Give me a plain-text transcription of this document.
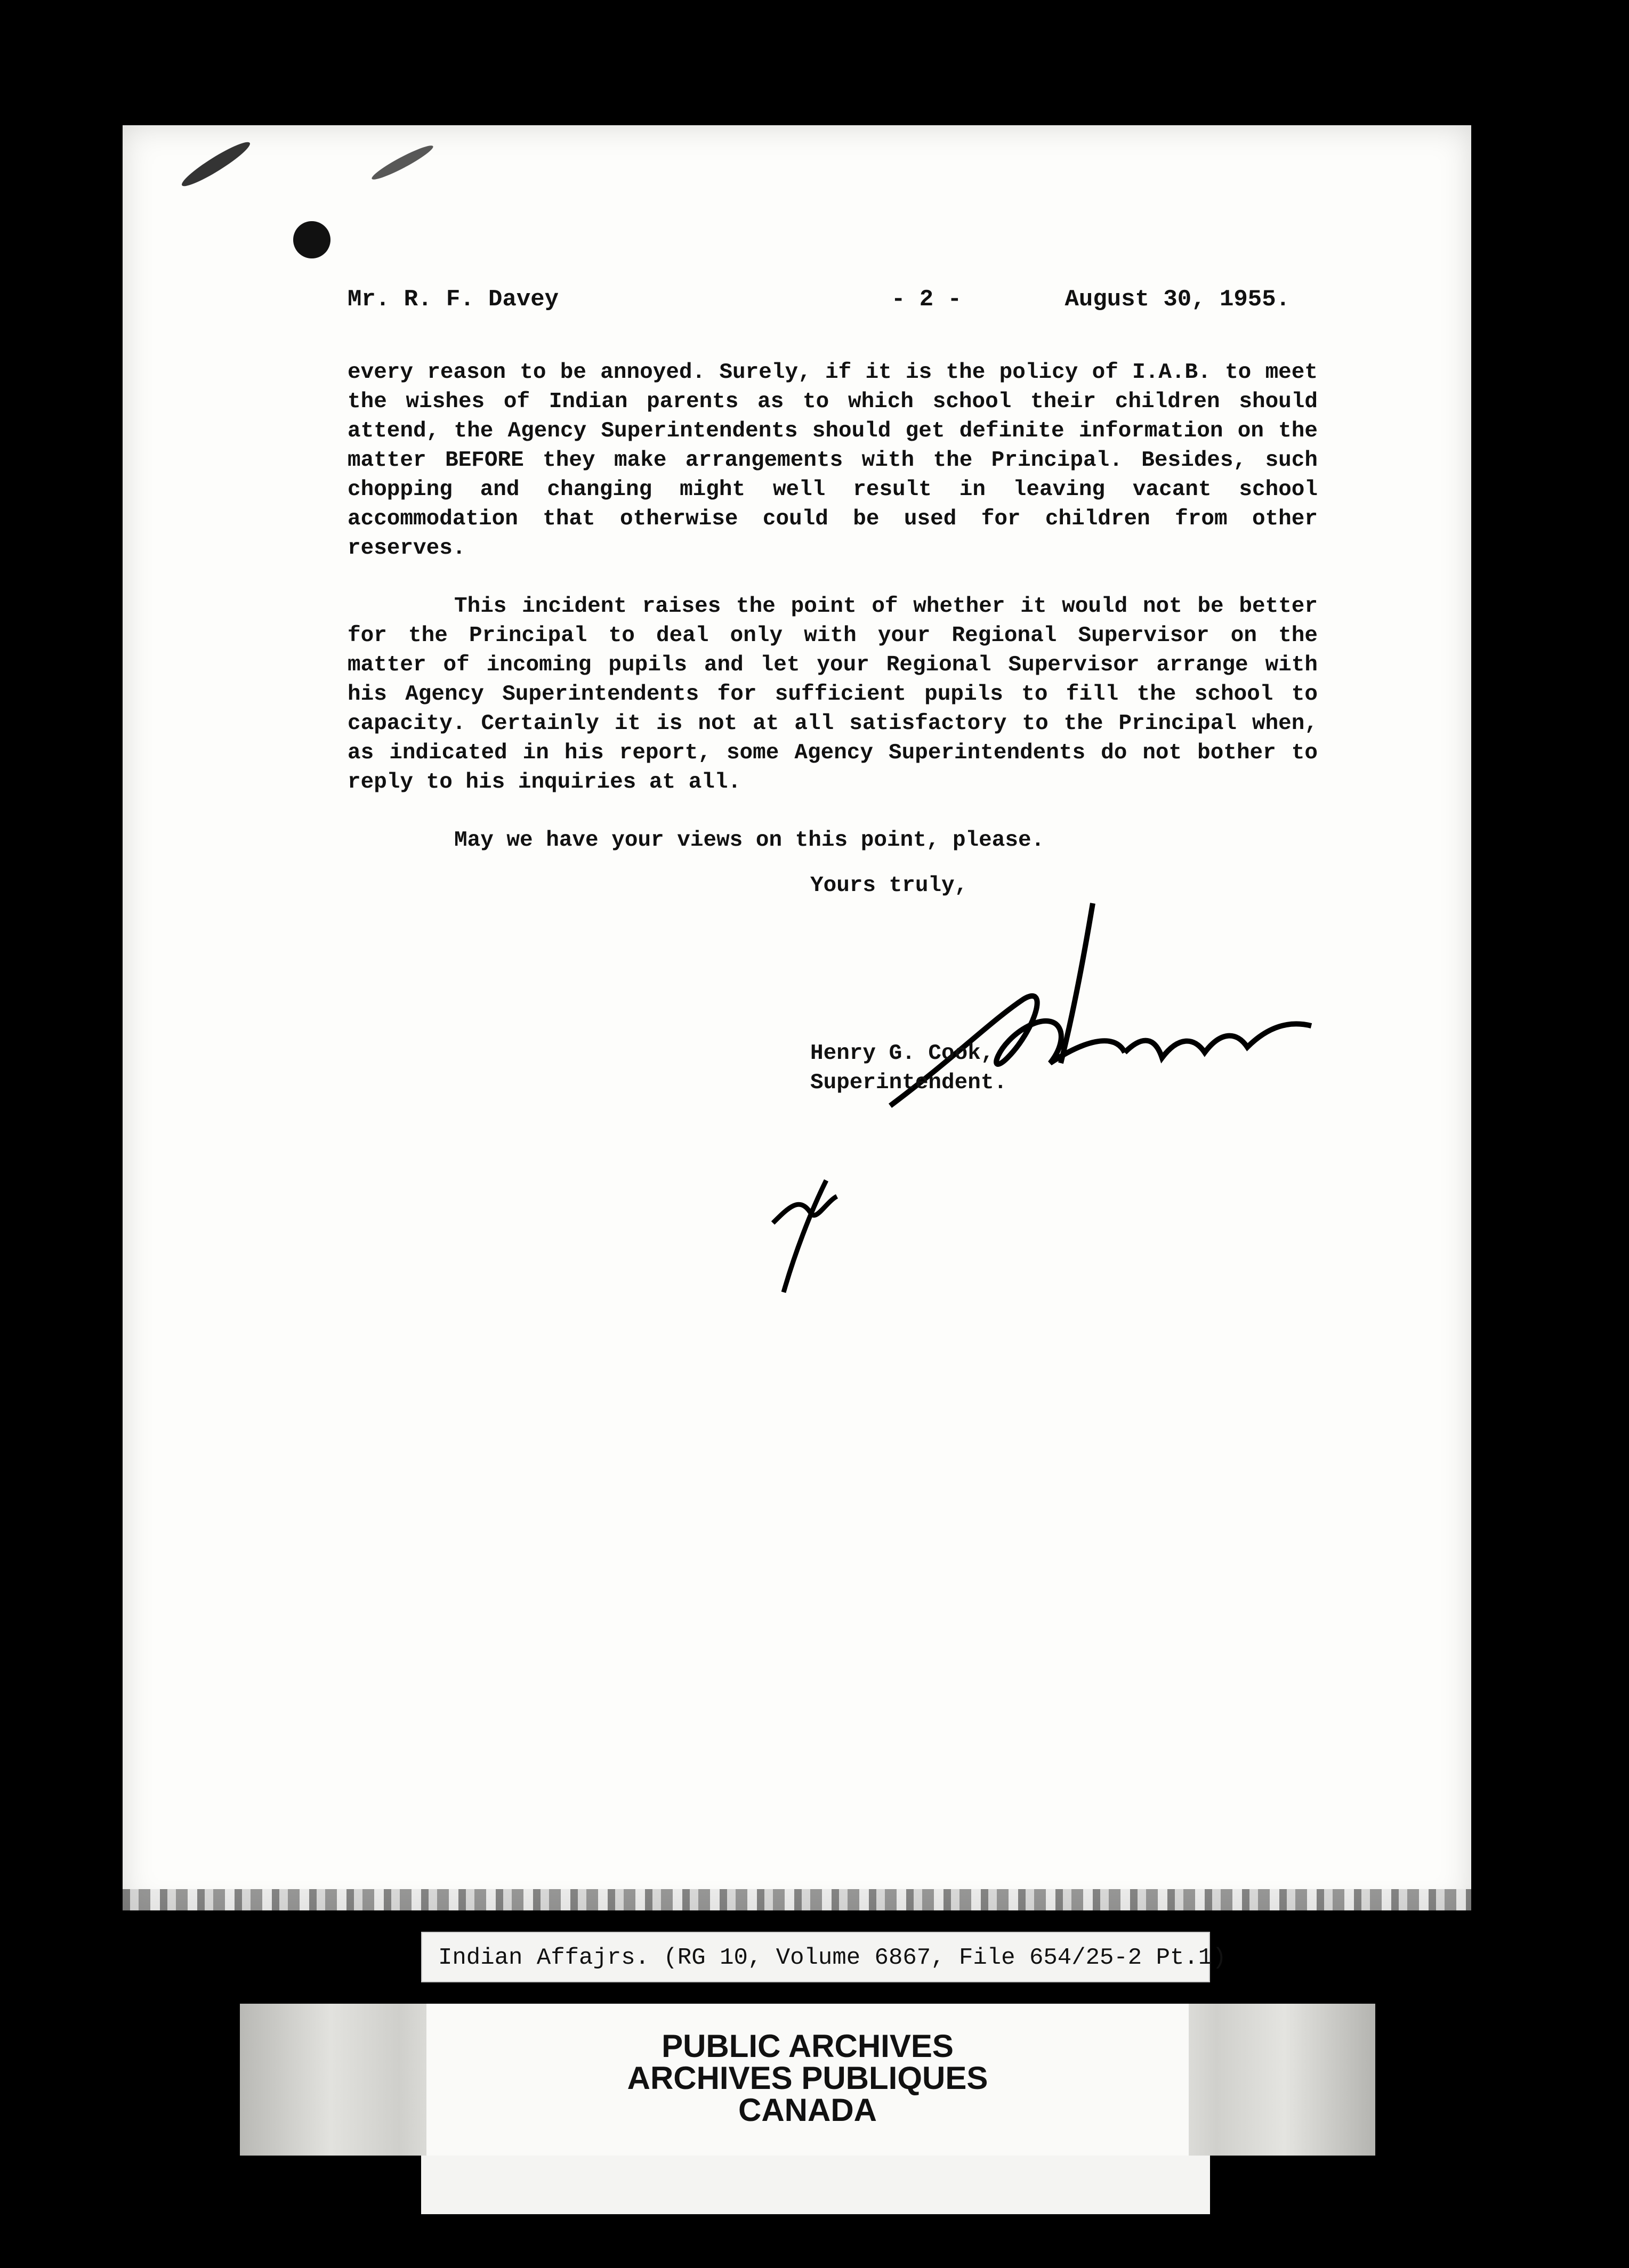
Mr. R. F. Davey	- 2 -	August 30, 1955.

every reason to be annoyed. Surely, if it is the policy of I.A.B. to meet the wishes of Indian parents as to which school their children should attend, the Agency Superintendents should get definite information on the matter BEFORE they make arrangements with the Principal. Besides, such chopping and changing might well result in leaving vacant school accommodation that otherwise could be used for children from other reserves.

This incident raises the point of whether it would not be better for the Principal to deal only with your Regional Supervisor on the matter of incoming pupils and let your Regional Supervisor arrange with his Agency Superintendents for sufficient pupils to fill the school to capacity. Certainly it is not at all satisfactory to the Principal when, as indicated in his report, some Agency Superintendents do not bother to reply to his inquiries at all.

May we have your views on this point, please.

Yours truly,
Henry G. Cook,
Superintendent.
Indian Affajrs. (RG 10, Volume 6867, File 654/25-2 Pt.1)
PUBLIC ARCHIVES
ARCHIVES PUBLIQUES
CANADA
